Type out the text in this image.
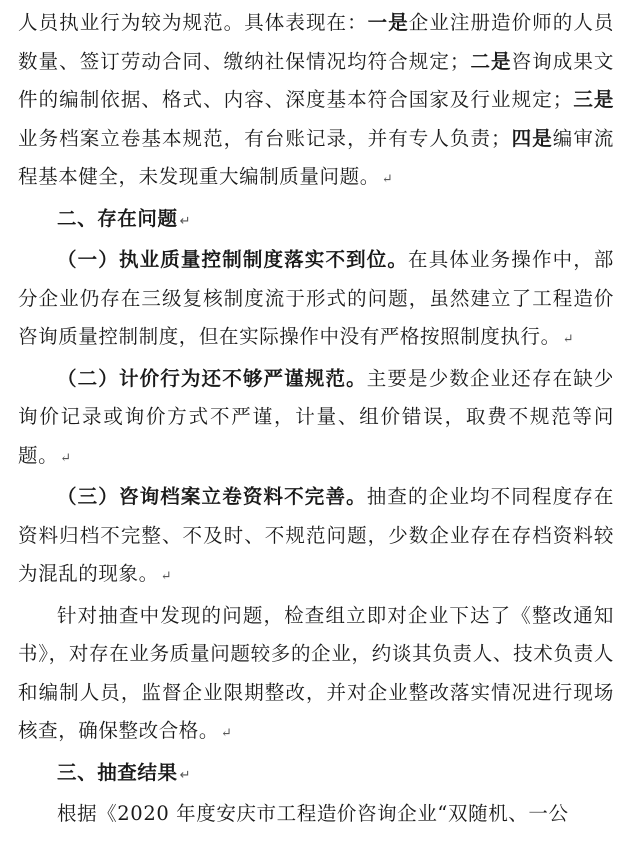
人员执业行为较为规范。具体表现在：一是企业注册造价师的人员数量、签订劳动合同、缴纳社保情况均符合规定；二是咨询成果文件的编制依据、格式、内容、深度基本符合国家及行业规定；三是业务档案立卷基本规范，有台账记录，并有专人负责；四是编审流程基本健全，未发现重大编制质量问题。 ↵

二、存在问题 ↵

（一）执业质量控制制度落实不到位。在具体业务操作中，部分企业仍存在三级复核制度流于形式的问题，虽然建立了工程造价咨询质量控制制度，但在实际操作中没有严格按照制度执行。 ↵

（二）计价行为还不够严谨规范。主要是少数企业还存在缺少询价记录或询价方式不严谨，计量、组价错误，取费不规范等问题。 ↵

（三）咨询档案立卷资料不完善。抽查的企业均不同程度存在资料归档不完整、不及时、不规范问题，少数企业存在存档资料较为混乱的现象。 ↵

针对抽查中发现的问题，检查组立即对企业下达了《整改通知书》，对存在业务质量问题较多的企业，约谈其负责人、技术负责人和编制人员，监督企业限期整改，并对企业整改落实情况进行现场核查，确保整改合格。 ↵

三、抽查结果 ↵

根据《2020 年度安庆市工程造价咨询企业“双随机、一公
